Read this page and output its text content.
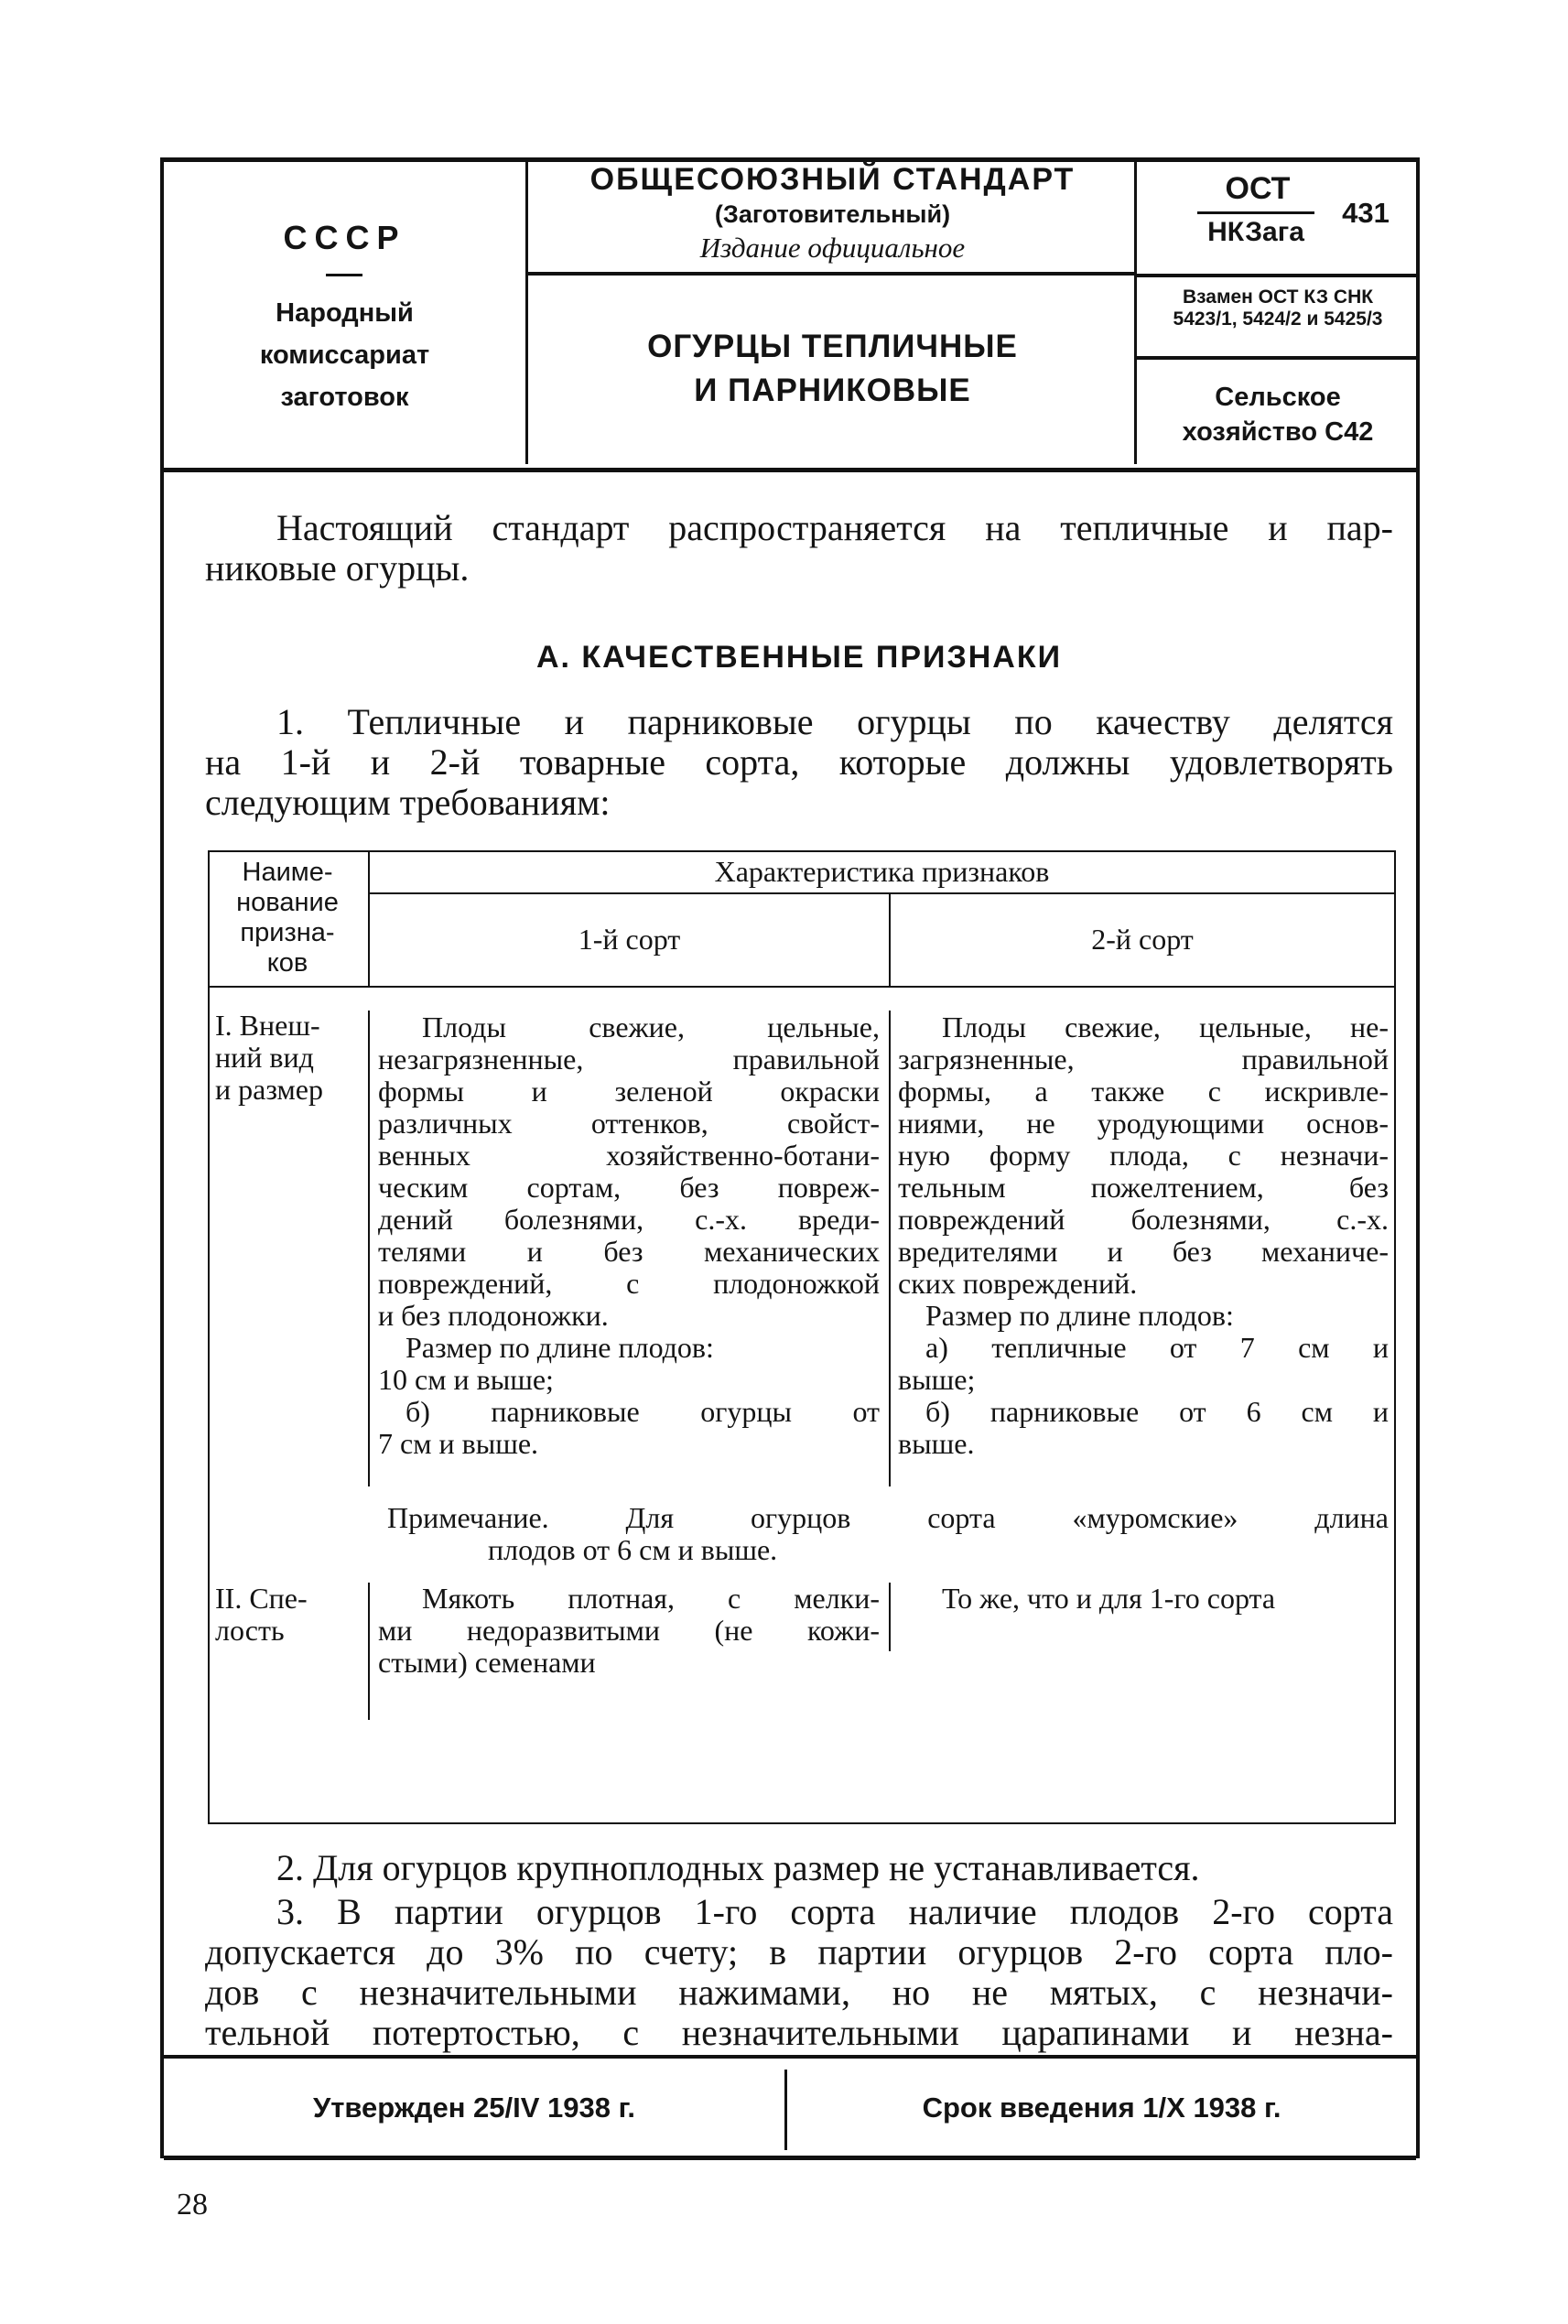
СССР
Народный
комиссариат
заготовок
ОБЩЕСОЮЗНЫЙ СТАНДАРТ
(Заготовительный)
Издание официальное
ОГУРЦЫ ТЕПЛИЧНЫЕ
И ПАРНИКОВЫЕ
ОСТ
НКЗага
431
Взамен ОСТ КЗ СНК
5423/1, 5424/2 и 5425/3
Сельское
хозяйство С42
Настоящий стандарт распространяется на тепличные и пар-
никовые огурцы.
А. КАЧЕСТВЕННЫЕ ПРИЗНАКИ
1. Тепличные и парниковые огурцы по качеству делятся
на 1-й и 2-й товарные сорта, которые должны удовлетворять
следующим требованиям:
Наиме-
нование
призна-
ков
Характеристика признаков
1-й сорт	2-й сорт
I. Внеш-
ний вид
и размер
Плоды свежие, цельные,
незагрязненные, правильной
формы и зеленой окраски
различных оттенков, свойст-
венных хозяйственно-ботани-
ческим сортам, без повреж-
дений болезнями, с.-х. вреди-
телями и без механических
повреждений, с плодоножкой
и без плодоножки.
Размер по длине плодов:
10 см и выше;
б) парниковые огурцы от
7 см и выше.
Плоды свежие, цельные, не-
загрязненные, правильной
формы, а также с искривле-
ниями, не уродующими основ-
ную форму плода, с незначи-
тельным пожелтением, без
повреждений болезнями, с.-х.
вредителями и без механиче-
ских повреждений.
Размер по длине плодов:
а) тепличные от 7 см и
выше;
б) парниковые от 6 см и
выше.
Примечание. Для огурцов сорта «муромские» длина
плодов от 6 см и выше.
II. Спе-
лость
Мякоть плотная, с мелки-
ми недоразвитыми (не кожи-
стыми) семенами
То же, что и для 1-го сорта
2. Для огурцов крупноплодных размер не устанавливается.
3. В партии огурцов 1-го сорта наличие плодов 2-го сорта
допускается до 3% по счету; в партии огурцов 2-го сорта пло-
дов с незначительными нажимами, но не мятых, с незначи-
тельной потертостью, с незначительными царапинами и незна-
Утвержден 25/IV 1938 г.	Срок введения 1/X 1938 г.
28
